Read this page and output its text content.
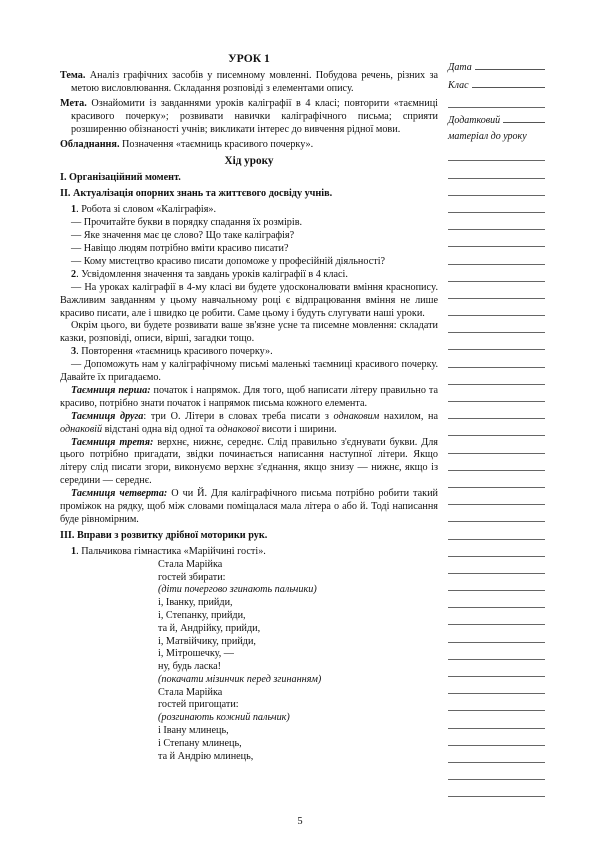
УРОК 1

Тема. Аналіз графічних засобів у писемному мовленні. Побудова речень, різних за метою висловлювання. Складання розповіді з елементами опису.

Мета. Ознайомити із завданнями уроків каліграфії в 4 класі; повторити «таємниці красивого почерку»; розвивати навички каліграфічного письма; сприяти розширенню обізнаності учнів; викликати інтерес до вивчення рідної мови.

Обладнання. Позначення «таємниць красивого почерку».

Хід уроку

I. Організаційний момент.

II. Актуалізація опорних знань та життєвого досвіду учнів.

1. Робота зі словом «Каліграфія».

— Прочитайте букви в порядку спадання їх розмірів.

— Яке значення має це слово? Що таке каліграфія?

— Навіщо людям потрібно вміти красиво писати?

— Кому мистецтво красиво писати допоможе у професійній діяльності?

2. Усвідомлення значення та завдань уроків каліграфії в 4 класі.

— На уроках каліграфії в 4-му класі ви будете удосконалювати вміння краснописy. Важливим завданням у цьому навчальному році є відпрацювання вміння не лише красиво писати, але і швидко це робити. Саме цьому і будуть слугувати наші уроки.

Окрім цього, ви будете розвивати ваше зв'язне усне та писемне мовлення: складати казки, розповіді, описи, вірші, загадки тощо.

3. Повторення «таємниць красивого почерку».

— Допоможуть нам у каліграфічному письмі маленькі таємниці красивого почерку. Давайте їх пригадаємо.

Таємниця перша: початок і напрямок. Для того, щоб написати літеру правильно та красиво, потрібно знати початок і напрямок письма кожного елемента.

Таємниця друга: три О. Літери в словах треба писати з однаковим нахилом, на однаковій відстані одна від одної та однакової висоти і ширини.

Таємниця третя: верхнє, нижнє, середнє. Слід правильно з'єднувати букви. Для цього потрібно пригадати, звідки починається написання наступної літери. Якщо літеру слід писати згори, виконуємо верхнє з'єднання, якщо знизу — нижнє, якщо із середини — середнє.

Таємниця четверта: О чи Й. Для каліграфічного письма потрібно робити такий проміжок на рядку, щоб між словами поміщалася мала літера о або й. Тоді написання буде рівномірним.

III. Вправи з розвитку дрібної моторики рук.

1. Пальчикова гімнастика «Марійчині гості».

Стала Марійка
гостей збирати:
(діти почергово згинають пальчики)
і, Іванку, прийди,
і, Степанку, прийди,
та й, Андрійку, прийди,
і, Матвійчику, прийди,
і, Мітрошечку, —
ну, будь ласка!
(покачати мізинчик перед згинанням)
Стала Марійка
гостей пригощати:
(розгинають кожний пальчик)
і Івану млинець,
і Степану млинець,
та й Андрію млинець,
Дата
Клас
Додатковий
матеріал до уроку
5
